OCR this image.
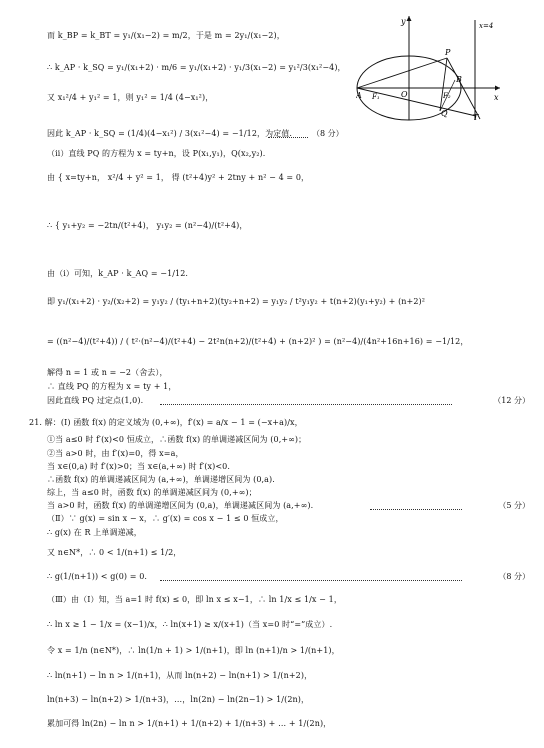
y	x=4
P
B
A F₁	O	F₂	x
Q	T
而 k_BP = k_BT = y₁/(x₁−2) = m/2，于是 m = 2y₁/(x₁−2)，
∴ k_AP · k_SQ = y₁/(x₁+2) · m/6 = y₁/(x₁+2) · y₁/3(x₁−2) = y₁²/3(x₁²−4)，
又 x₁²/4 + y₁² = 1，则 y₁² = 1/4 (4−x₁²)，
因此 k_AP · k_SQ = (1/4)(4−x₁²) / 3(x₁²−4) = −1/12，为定值. （8 分）
（ⅱ）直线 PQ 的方程为 x = ty+n，设 P(x₁,y₁)，Q(x₂,y₂).
由 { x=ty+n， x²/4 + y² = 1， 得 (t²+4)y² + 2tny + n² − 4 = 0，
∴ { y₁+y₂ = −2tn/(t²+4)， y₁y₂ = (n²−4)/(t²+4)，
由（ⅰ）可知，k_AP · k_AQ = −1/12.
即 y₁/(x₁+2) · y₂/(x₂+2) = y₁y₂ / (ty₁+n+2)(ty₂+n+2) = y₁y₂ / t²y₁y₂ + t(n+2)(y₁+y₂) + (n+2)²
= ((n²−4)/(t²+4)) / ( t²·(n²−4)/(t²+4) − 2t²n(n+2)/(t²+4) + (n+2)² ) = (n²−4)/(4n²+16n+16) = −1/12，
解得 n = 1 或 n = −2（舍去），
∴ 直线 PQ 的方程为 x = ty + 1，
因此直线 PQ 过定点(1,0).	（12 分）
21. 解：(Ⅰ) 函数 f(x) 的定义域为 (0,+∞)，f′(x) = a/x − 1 = (−x+a)/x，
①当 a≤0 时 f′(x)<0 恒成立，∴函数 f(x) 的单调递减区间为 (0,+∞)；
②当 a>0 时，由 f′(x)=0，得 x=a，
当 x∈(0,a) 时 f′(x)>0；当 x∈(a,+∞) 时 f′(x)<0.
∴函数 f(x) 的单调递减区间为 (a,+∞)，单调递增区间为 (0,a).
综上，当 a≤0 时，函数 f(x) 的单调递减区间为 (0,+∞)；
当 a>0 时，函数 f(x) 的单调递增区间为 (0,a)，单调递减区间为 (a,+∞).	（5 分）
（Ⅱ）∵ g(x) = sin x − x，∴ g′(x) = cos x − 1 ≤ 0 恒成立，
∴ g(x) 在 R 上单调递减，
又 n∈N*，∴ 0 < 1/(n+1) ≤ 1/2，
∴ g(1/(n+1)) < g(0) = 0.	（8 分）
（Ⅲ）由（Ⅰ）知，当 a=1 时 f(x) ≤ 0，即 ln x ≤ x−1，∴ ln 1/x ≤ 1/x − 1，
∴ ln x ≥ 1 − 1/x = (x−1)/x，∴ ln(x+1) ≥ x/(x+1)（当 x=0 时“=”成立）.
令 x = 1/n (n∈N*)，∴ ln(1/n + 1) > 1/(n+1)，即 ln (n+1)/n > 1/(n+1)，
∴ ln(n+1) − ln n > 1/(n+1)，从而 ln(n+2) − ln(n+1) > 1/(n+2)，
ln(n+3) − ln(n+2) > 1/(n+3)，…，ln(2n) − ln(2n−1) > 1/(2n)，
累加可得 ln(2n) − ln n > 1/(n+1) + 1/(n+2) + 1/(n+3) + … + 1/(2n)，
